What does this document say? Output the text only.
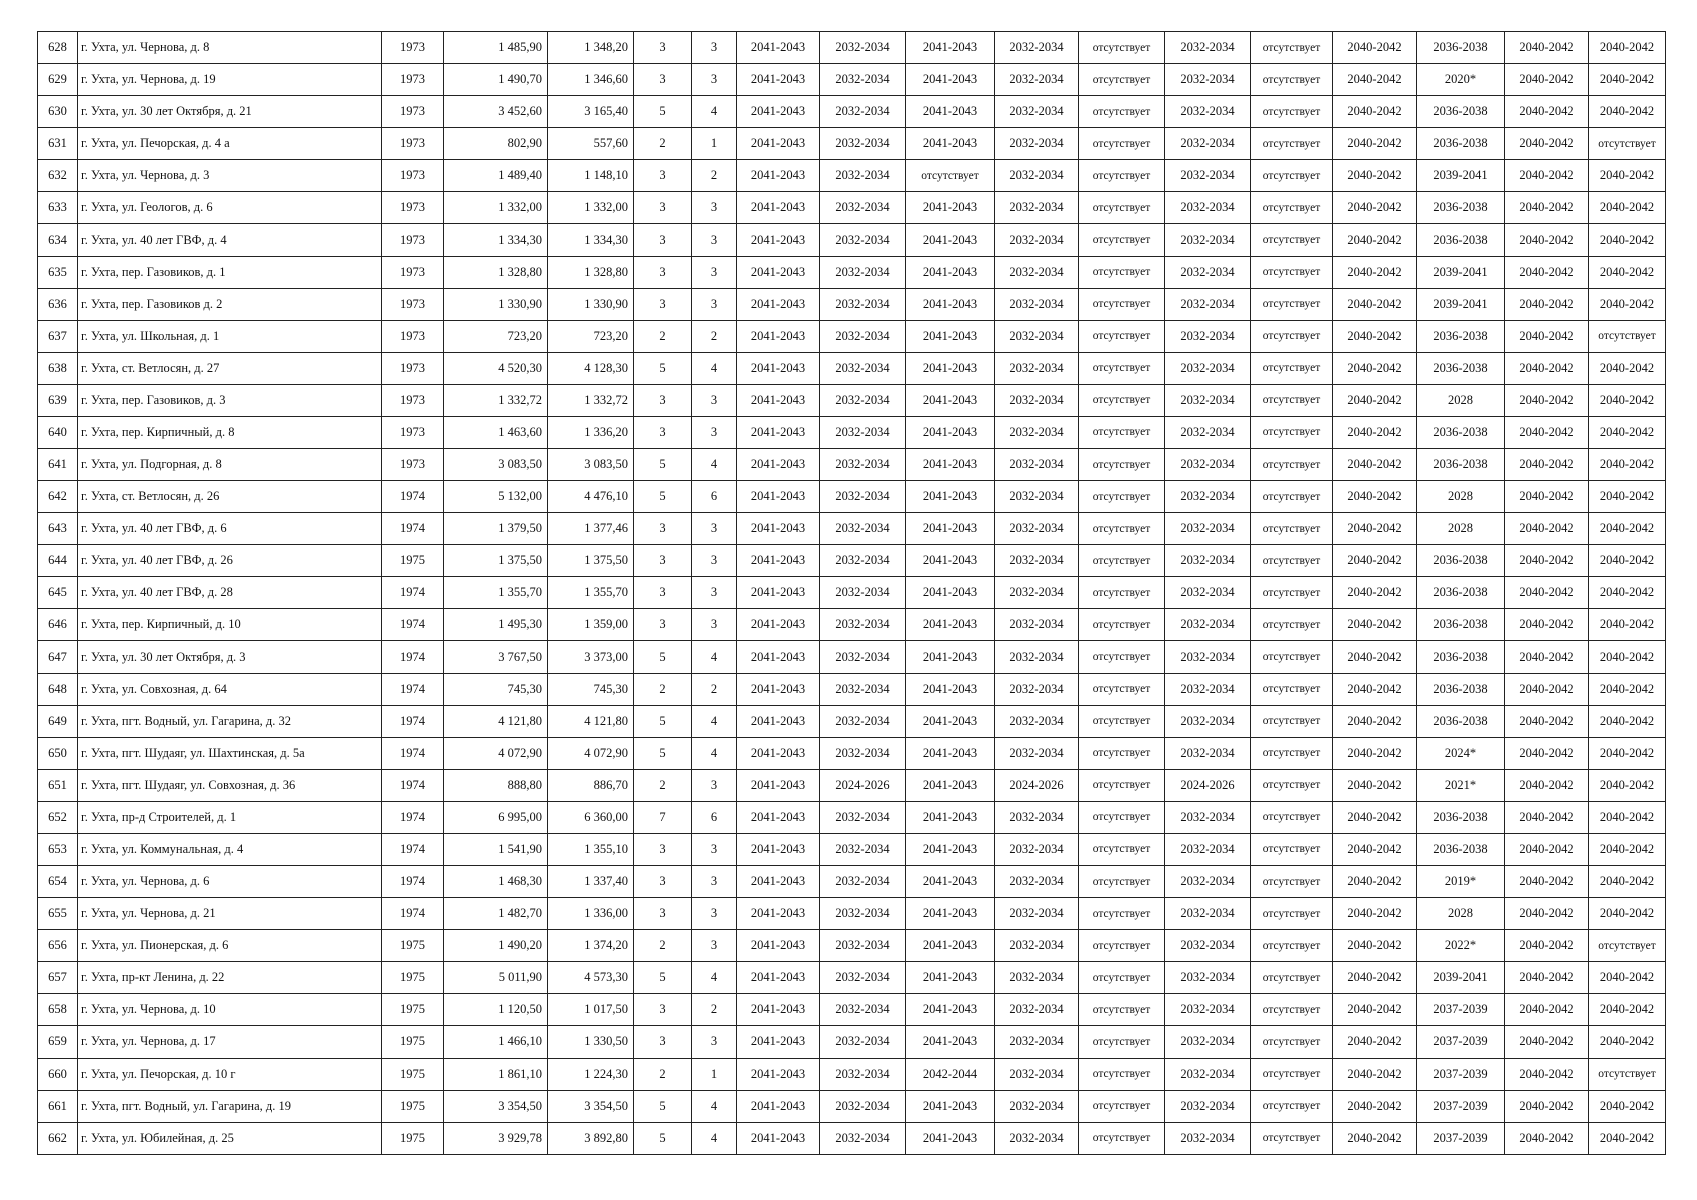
628	г. Ухта, ул. Чернова, д. 8	1973	1 485,90	1 348,20	3	3	2041-2043	2032-2034	2041-2043	2032-2034	отсутствует	2032-2034	отсутствует	2040-2042	2036-2038	2040-2042	2040-2042
629	г. Ухта, ул. Чернова, д. 19	1973	1 490,70	1 346,60	3	3	2041-2043	2032-2034	2041-2043	2032-2034	отсутствует	2032-2034	отсутствует	2040-2042	2020*	2040-2042	2040-2042
630	г. Ухта, ул. 30 лет Октября, д. 21	1973	3 452,60	3 165,40	5	4	2041-2043	2032-2034	2041-2043	2032-2034	отсутствует	2032-2034	отсутствует	2040-2042	2036-2038	2040-2042	2040-2042
631	г. Ухта, ул. Печорская, д. 4 а	1973	802,90	557,60	2	1	2041-2043	2032-2034	2041-2043	2032-2034	отсутствует	2032-2034	отсутствует	2040-2042	2036-2038	2040-2042	отсутствует
632	г. Ухта, ул. Чернова, д. 3	1973	1 489,40	1 148,10	3	2	2041-2043	2032-2034	отсутствует	2032-2034	отсутствует	2032-2034	отсутствует	2040-2042	2039-2041	2040-2042	2040-2042
633	г. Ухта, ул. Геологов, д. 6	1973	1 332,00	1 332,00	3	3	2041-2043	2032-2034	2041-2043	2032-2034	отсутствует	2032-2034	отсутствует	2040-2042	2036-2038	2040-2042	2040-2042
634	г. Ухта, ул. 40 лет ГВФ, д. 4	1973	1 334,30	1 334,30	3	3	2041-2043	2032-2034	2041-2043	2032-2034	отсутствует	2032-2034	отсутствует	2040-2042	2036-2038	2040-2042	2040-2042
635	г. Ухта, пер. Газовиков, д. 1	1973	1 328,80	1 328,80	3	3	2041-2043	2032-2034	2041-2043	2032-2034	отсутствует	2032-2034	отсутствует	2040-2042	2039-2041	2040-2042	2040-2042
636	г. Ухта, пер. Газовиков д. 2	1973	1 330,90	1 330,90	3	3	2041-2043	2032-2034	2041-2043	2032-2034	отсутствует	2032-2034	отсутствует	2040-2042	2039-2041	2040-2042	2040-2042
637	г. Ухта, ул. Школьная, д. 1	1973	723,20	723,20	2	2	2041-2043	2032-2034	2041-2043	2032-2034	отсутствует	2032-2034	отсутствует	2040-2042	2036-2038	2040-2042	отсутствует
638	г. Ухта, ст. Ветлосян, д. 27	1973	4 520,30	4 128,30	5	4	2041-2043	2032-2034	2041-2043	2032-2034	отсутствует	2032-2034	отсутствует	2040-2042	2036-2038	2040-2042	2040-2042
639	г. Ухта, пер. Газовиков, д. 3	1973	1 332,72	1 332,72	3	3	2041-2043	2032-2034	2041-2043	2032-2034	отсутствует	2032-2034	отсутствует	2040-2042	2028	2040-2042	2040-2042
640	г. Ухта, пер. Кирпичный, д. 8	1973	1 463,60	1 336,20	3	3	2041-2043	2032-2034	2041-2043	2032-2034	отсутствует	2032-2034	отсутствует	2040-2042	2036-2038	2040-2042	2040-2042
641	г. Ухта, ул. Подгорная, д. 8	1973	3 083,50	3 083,50	5	4	2041-2043	2032-2034	2041-2043	2032-2034	отсутствует	2032-2034	отсутствует	2040-2042	2036-2038	2040-2042	2040-2042
642	г. Ухта, ст. Ветлосян, д. 26	1974	5 132,00	4 476,10	5	6	2041-2043	2032-2034	2041-2043	2032-2034	отсутствует	2032-2034	отсутствует	2040-2042	2028	2040-2042	2040-2042
643	г. Ухта, ул. 40 лет ГВФ, д. 6	1974	1 379,50	1 377,46	3	3	2041-2043	2032-2034	2041-2043	2032-2034	отсутствует	2032-2034	отсутствует	2040-2042	2028	2040-2042	2040-2042
644	г. Ухта, ул. 40 лет ГВФ, д. 26	1975	1 375,50	1 375,50	3	3	2041-2043	2032-2034	2041-2043	2032-2034	отсутствует	2032-2034	отсутствует	2040-2042	2036-2038	2040-2042	2040-2042
645	г. Ухта, ул. 40 лет ГВФ, д. 28	1974	1 355,70	1 355,70	3	3	2041-2043	2032-2034	2041-2043	2032-2034	отсутствует	2032-2034	отсутствует	2040-2042	2036-2038	2040-2042	2040-2042
646	г. Ухта, пер. Кирпичный, д. 10	1974	1 495,30	1 359,00	3	3	2041-2043	2032-2034	2041-2043	2032-2034	отсутствует	2032-2034	отсутствует	2040-2042	2036-2038	2040-2042	2040-2042
647	г. Ухта, ул. 30 лет Октября, д. 3	1974	3 767,50	3 373,00	5	4	2041-2043	2032-2034	2041-2043	2032-2034	отсутствует	2032-2034	отсутствует	2040-2042	2036-2038	2040-2042	2040-2042
648	г. Ухта, ул. Совхозная, д. 64	1974	745,30	745,30	2	2	2041-2043	2032-2034	2041-2043	2032-2034	отсутствует	2032-2034	отсутствует	2040-2042	2036-2038	2040-2042	2040-2042
649	г. Ухта, пгт. Водный, ул. Гагарина, д. 32	1974	4 121,80	4 121,80	5	4	2041-2043	2032-2034	2041-2043	2032-2034	отсутствует	2032-2034	отсутствует	2040-2042	2036-2038	2040-2042	2040-2042
650	г. Ухта, пгт. Шудаяг, ул. Шахтинская, д. 5а	1974	4 072,90	4 072,90	5	4	2041-2043	2032-2034	2041-2043	2032-2034	отсутствует	2032-2034	отсутствует	2040-2042	2024*	2040-2042	2040-2042
651	г. Ухта, пгт. Шудаяг, ул. Совхозная, д. 36	1974	888,80	886,70	2	3	2041-2043	2024-2026	2041-2043	2024-2026	отсутствует	2024-2026	отсутствует	2040-2042	2021*	2040-2042	2040-2042
652	г. Ухта, пр-д Строителей, д. 1	1974	6 995,00	6 360,00	7	6	2041-2043	2032-2034	2041-2043	2032-2034	отсутствует	2032-2034	отсутствует	2040-2042	2036-2038	2040-2042	2040-2042
653	г. Ухта, ул. Коммунальная, д. 4	1974	1 541,90	1 355,10	3	3	2041-2043	2032-2034	2041-2043	2032-2034	отсутствует	2032-2034	отсутствует	2040-2042	2036-2038	2040-2042	2040-2042
654	г. Ухта, ул. Чернова, д. 6	1974	1 468,30	1 337,40	3	3	2041-2043	2032-2034	2041-2043	2032-2034	отсутствует	2032-2034	отсутствует	2040-2042	2019*	2040-2042	2040-2042
655	г. Ухта, ул. Чернова, д. 21	1974	1 482,70	1 336,00	3	3	2041-2043	2032-2034	2041-2043	2032-2034	отсутствует	2032-2034	отсутствует	2040-2042	2028	2040-2042	2040-2042
656	г. Ухта, ул. Пионерская, д. 6	1975	1 490,20	1 374,20	2	3	2041-2043	2032-2034	2041-2043	2032-2034	отсутствует	2032-2034	отсутствует	2040-2042	2022*	2040-2042	отсутствует
657	г. Ухта, пр-кт Ленина, д. 22	1975	5 011,90	4 573,30	5	4	2041-2043	2032-2034	2041-2043	2032-2034	отсутствует	2032-2034	отсутствует	2040-2042	2039-2041	2040-2042	2040-2042
658	г. Ухта, ул. Чернова, д. 10	1975	1 120,50	1 017,50	3	2	2041-2043	2032-2034	2041-2043	2032-2034	отсутствует	2032-2034	отсутствует	2040-2042	2037-2039	2040-2042	2040-2042
659	г. Ухта, ул. Чернова, д. 17	1975	1 466,10	1 330,50	3	3	2041-2043	2032-2034	2041-2043	2032-2034	отсутствует	2032-2034	отсутствует	2040-2042	2037-2039	2040-2042	2040-2042
660	г. Ухта, ул. Печорская, д. 10 г	1975	1 861,10	1 224,30	2	1	2041-2043	2032-2034	2042-2044	2032-2034	отсутствует	2032-2034	отсутствует	2040-2042	2037-2039	2040-2042	отсутствует
661	г. Ухта, пгт. Водный, ул. Гагарина, д. 19	1975	3 354,50	3 354,50	5	4	2041-2043	2032-2034	2041-2043	2032-2034	отсутствует	2032-2034	отсутствует	2040-2042	2037-2039	2040-2042	2040-2042
662	г. Ухта, ул. Юбилейная, д. 25	1975	3 929,78	3 892,80	5	4	2041-2043	2032-2034	2041-2043	2032-2034	отсутствует	2032-2034	отсутствует	2040-2042	2037-2039	2040-2042	2040-2042
